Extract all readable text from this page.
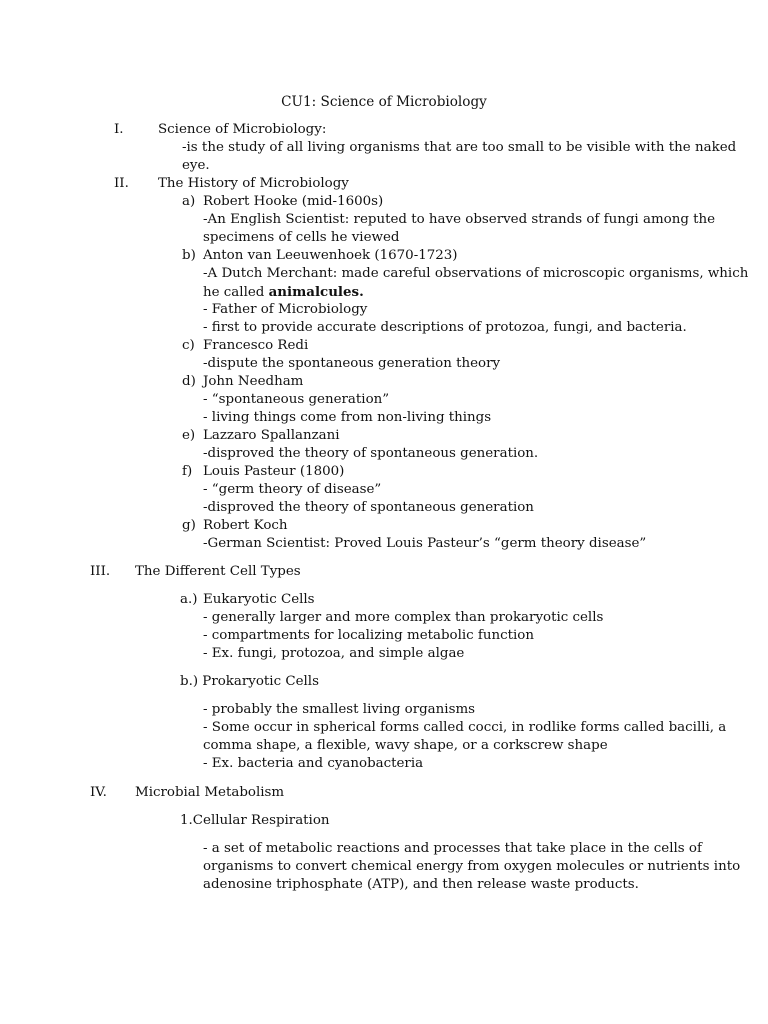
CU1: Science of Microbiology
I.	Science of Microbiology:
-is the study of all living organisms that are too small to be visible with the naked
eye.
II. The History of Microbiology
a) Robert Hooke (mid-1600s)
-An English Scientist: reputed to have observed strands of fungi among the
specimens of cells he viewed
b) Anton van Leeuwenhoek (1670-1723)
-A Dutch Merchant: made careful observations of microscopic organisms, which
he called animalcules.
- Father of Microbiology
- first to provide accurate descriptions of protozoa, fungi, and bacteria.
c) Francesco Redi
-dispute the spontaneous generation theory
d) John Needham
- “spontaneous generation”
- living things come from non-living things
e) Lazzaro Spallanzani
-disproved the theory of spontaneous generation.
f) Louis Pasteur (1800)
- “germ theory of disease”
-disproved the theory of spontaneous generation
g) Robert Koch
-German Scientist: Proved Louis Pasteur’s “germ theory disease”
III. The Different Cell Types
a.) Eukaryotic Cells
- generally larger and more complex than prokaryotic cells
- compartments for localizing metabolic function
- Ex. fungi, protozoa, and simple algae
b.) Prokaryotic Cells
- probably the smallest living organisms
- Some occur in spherical forms called cocci, in rodlike forms called bacilli, a
comma shape, a flexible, wavy shape, or a corkscrew shape
- Ex. bacteria and cyanobacteria
IV. Microbial Metabolism
1.Cellular Respiration
- a set of metabolic reactions and processes that take place in the cells of
organisms to convert chemical energy from oxygen molecules or nutrients into
adenosine triphosphate (ATP), and then release waste products.
